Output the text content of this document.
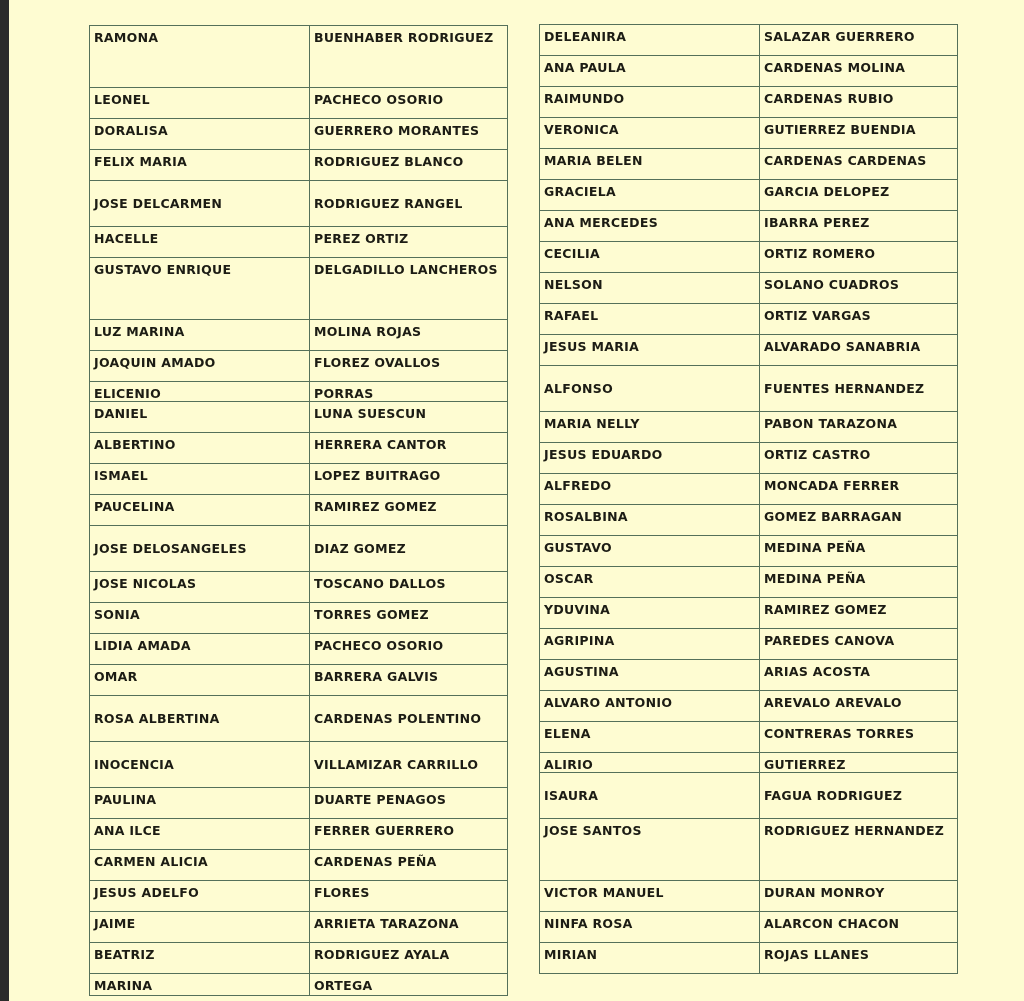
RAMONA	BUENHABER RODRIGUEZ
LEONEL	PACHECO OSORIO
DORALISA	GUERRERO MORANTES
FELIX MARIA	RODRIGUEZ BLANCO
JOSE DELCARMEN	RODRIGUEZ RANGEL
HACELLE	PEREZ ORTIZ
GUSTAVO ENRIQUE	DELGADILLO LANCHEROS
LUZ MARINA	MOLINA ROJAS
JOAQUIN AMADO	FLOREZ OVALLOS
ELICENIO	PORRAS
DANIEL	LUNA SUESCUN
ALBERTINO	HERRERA CANTOR
ISMAEL	LOPEZ BUITRAGO
PAUCELINA	RAMIREZ GOMEZ
JOSE DELOSANGELES	DIAZ GOMEZ
JOSE NICOLAS	TOSCANO DALLOS
SONIA	TORRES GOMEZ
LIDIA AMADA	PACHECO OSORIO
OMAR	BARRERA GALVIS
ROSA ALBERTINA	CARDENAS POLENTINO
INOCENCIA	VILLAMIZAR CARRILLO
PAULINA	DUARTE PENAGOS
ANA ILCE	FERRER GUERRERO
CARMEN ALICIA	CARDENAS PEÑA
JESUS ADELFO	FLORES
JAIME	ARRIETA TARAZONA
BEATRIZ	RODRIGUEZ AYALA
MARINA	ORTEGA
DELEANIRA	SALAZAR GUERRERO
ANA PAULA	CARDENAS MOLINA
RAIMUNDO	CARDENAS RUBIO
VERONICA	GUTIERREZ BUENDIA
MARIA BELEN	CARDENAS CARDENAS
GRACIELA	GARCIA DELOPEZ
ANA MERCEDES	IBARRA PEREZ
CECILIA	ORTIZ ROMERO
NELSON	SOLANO CUADROS
RAFAEL	ORTIZ VARGAS
JESUS MARIA	ALVARADO SANABRIA
ALFONSO	FUENTES HERNANDEZ
MARIA NELLY	PABON TARAZONA
JESUS EDUARDO	ORTIZ CASTRO
ALFREDO	MONCADA FERRER
ROSALBINA	GOMEZ BARRAGAN
GUSTAVO	MEDINA PEÑA
OSCAR	MEDINA PEÑA
YDUVINA	RAMIREZ GOMEZ
AGRIPINA	PAREDES CANOVA
AGUSTINA	ARIAS ACOSTA
ALVARO ANTONIO	AREVALO AREVALO
ELENA	CONTRERAS TORRES
ALIRIO	GUTIERREZ
ISAURA	FAGUA RODRIGUEZ
JOSE SANTOS	RODRIGUEZ HERNANDEZ
VICTOR MANUEL	DURAN MONROY
NINFA ROSA	ALARCON CHACON
MIRIAN	ROJAS LLANES
